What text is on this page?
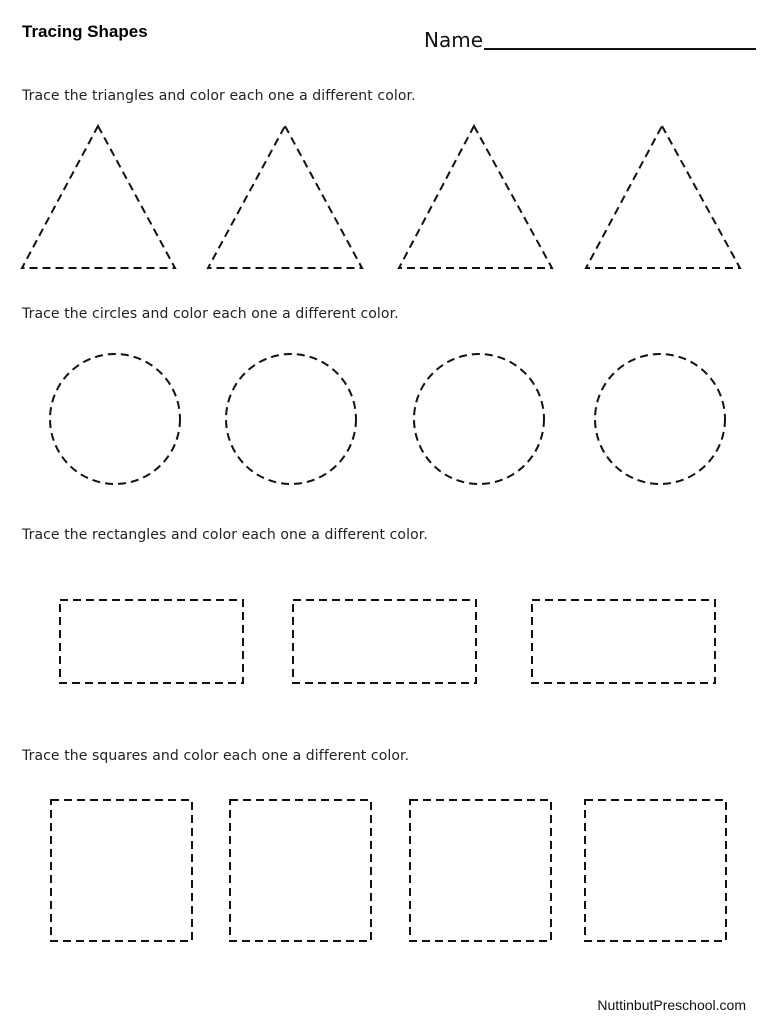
Tracing Shapes	Name
Trace the triangles and color each one a different color.
Trace the circles and color each one a different color.
Trace the rectangles and color each one a different color.
Trace the squares and color each one a different color.
NuttinbutPreschool.com
